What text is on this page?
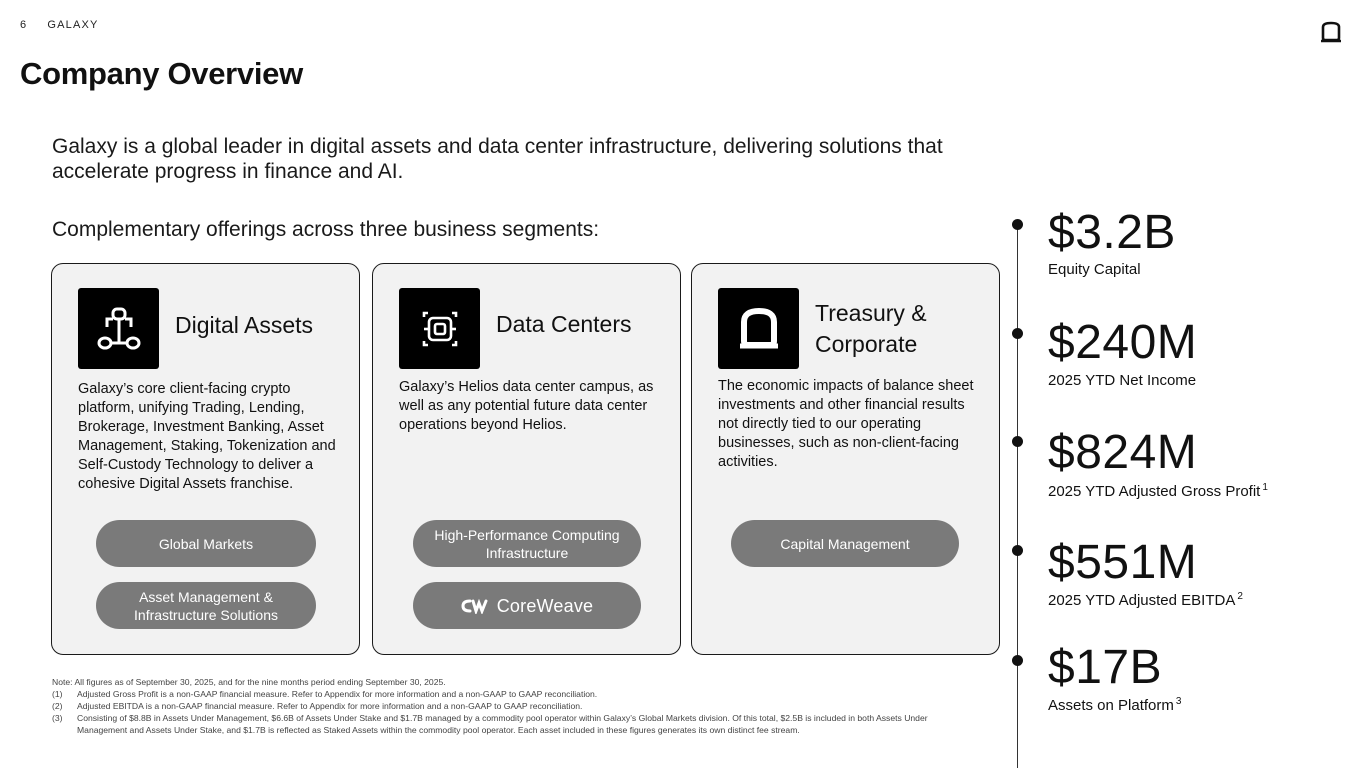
6 GALAXY
Company Overview

Galaxy is a global leader in digital assets and data center infrastructure, delivering solutions that accelerate progress in finance and AI.

Complementary offerings across three business segments:

Digital Assets
Galaxy’s core client-facing crypto platform, unifying Trading, Lending, Brokerage, Investment Banking, Asset Management, Staking, Tokenization and Self-Custody Technology to deliver a cohesive Digital Assets franchise.
Global Markets
Asset Management & Infrastructure Solutions
Data Centers
Galaxy’s Helios data center campus, as well as any potential future data center operations beyond Helios.
High-Performance Computing Infrastructure
CoreWeave
Treasury & Corporate
The economic impacts of balance sheet investments and other financial results not directly tied to our operating businesses, such as non-client-facing activities.
Capital Management
Note: All figures as of September 30, 2025, and for the nine months period ending September 30, 2025.
(1)	Adjusted Gross Profit is a non-GAAP financial measure. Refer to Appendix for more information and a non-GAAP to GAAP reconciliation.
(2)	Adjusted EBITDA is a non-GAAP financial measure. Refer to Appendix for more information and a non-GAAP to GAAP reconciliation.
(3)	Consisting of $8.8B in Assets Under Management, $6.6B of Assets Under Stake and $1.7B managed by a commodity pool operator within Galaxy’s Global Markets division. Of this total, $2.5B is included in both Assets Under Management and Assets Under Stake, and $1.7B is reflected as Staked Assets within the commodity pool operator. Each asset included in these figures generates its own distinct fee stream.
$3.2B
Equity Capital
$240M
2025 YTD Net Income
$824M
2025 YTD Adjusted Gross Profit $^1$
$551M
2025 YTD Adjusted EBITDA $^2$
$17B
Assets on Platform $^3$
